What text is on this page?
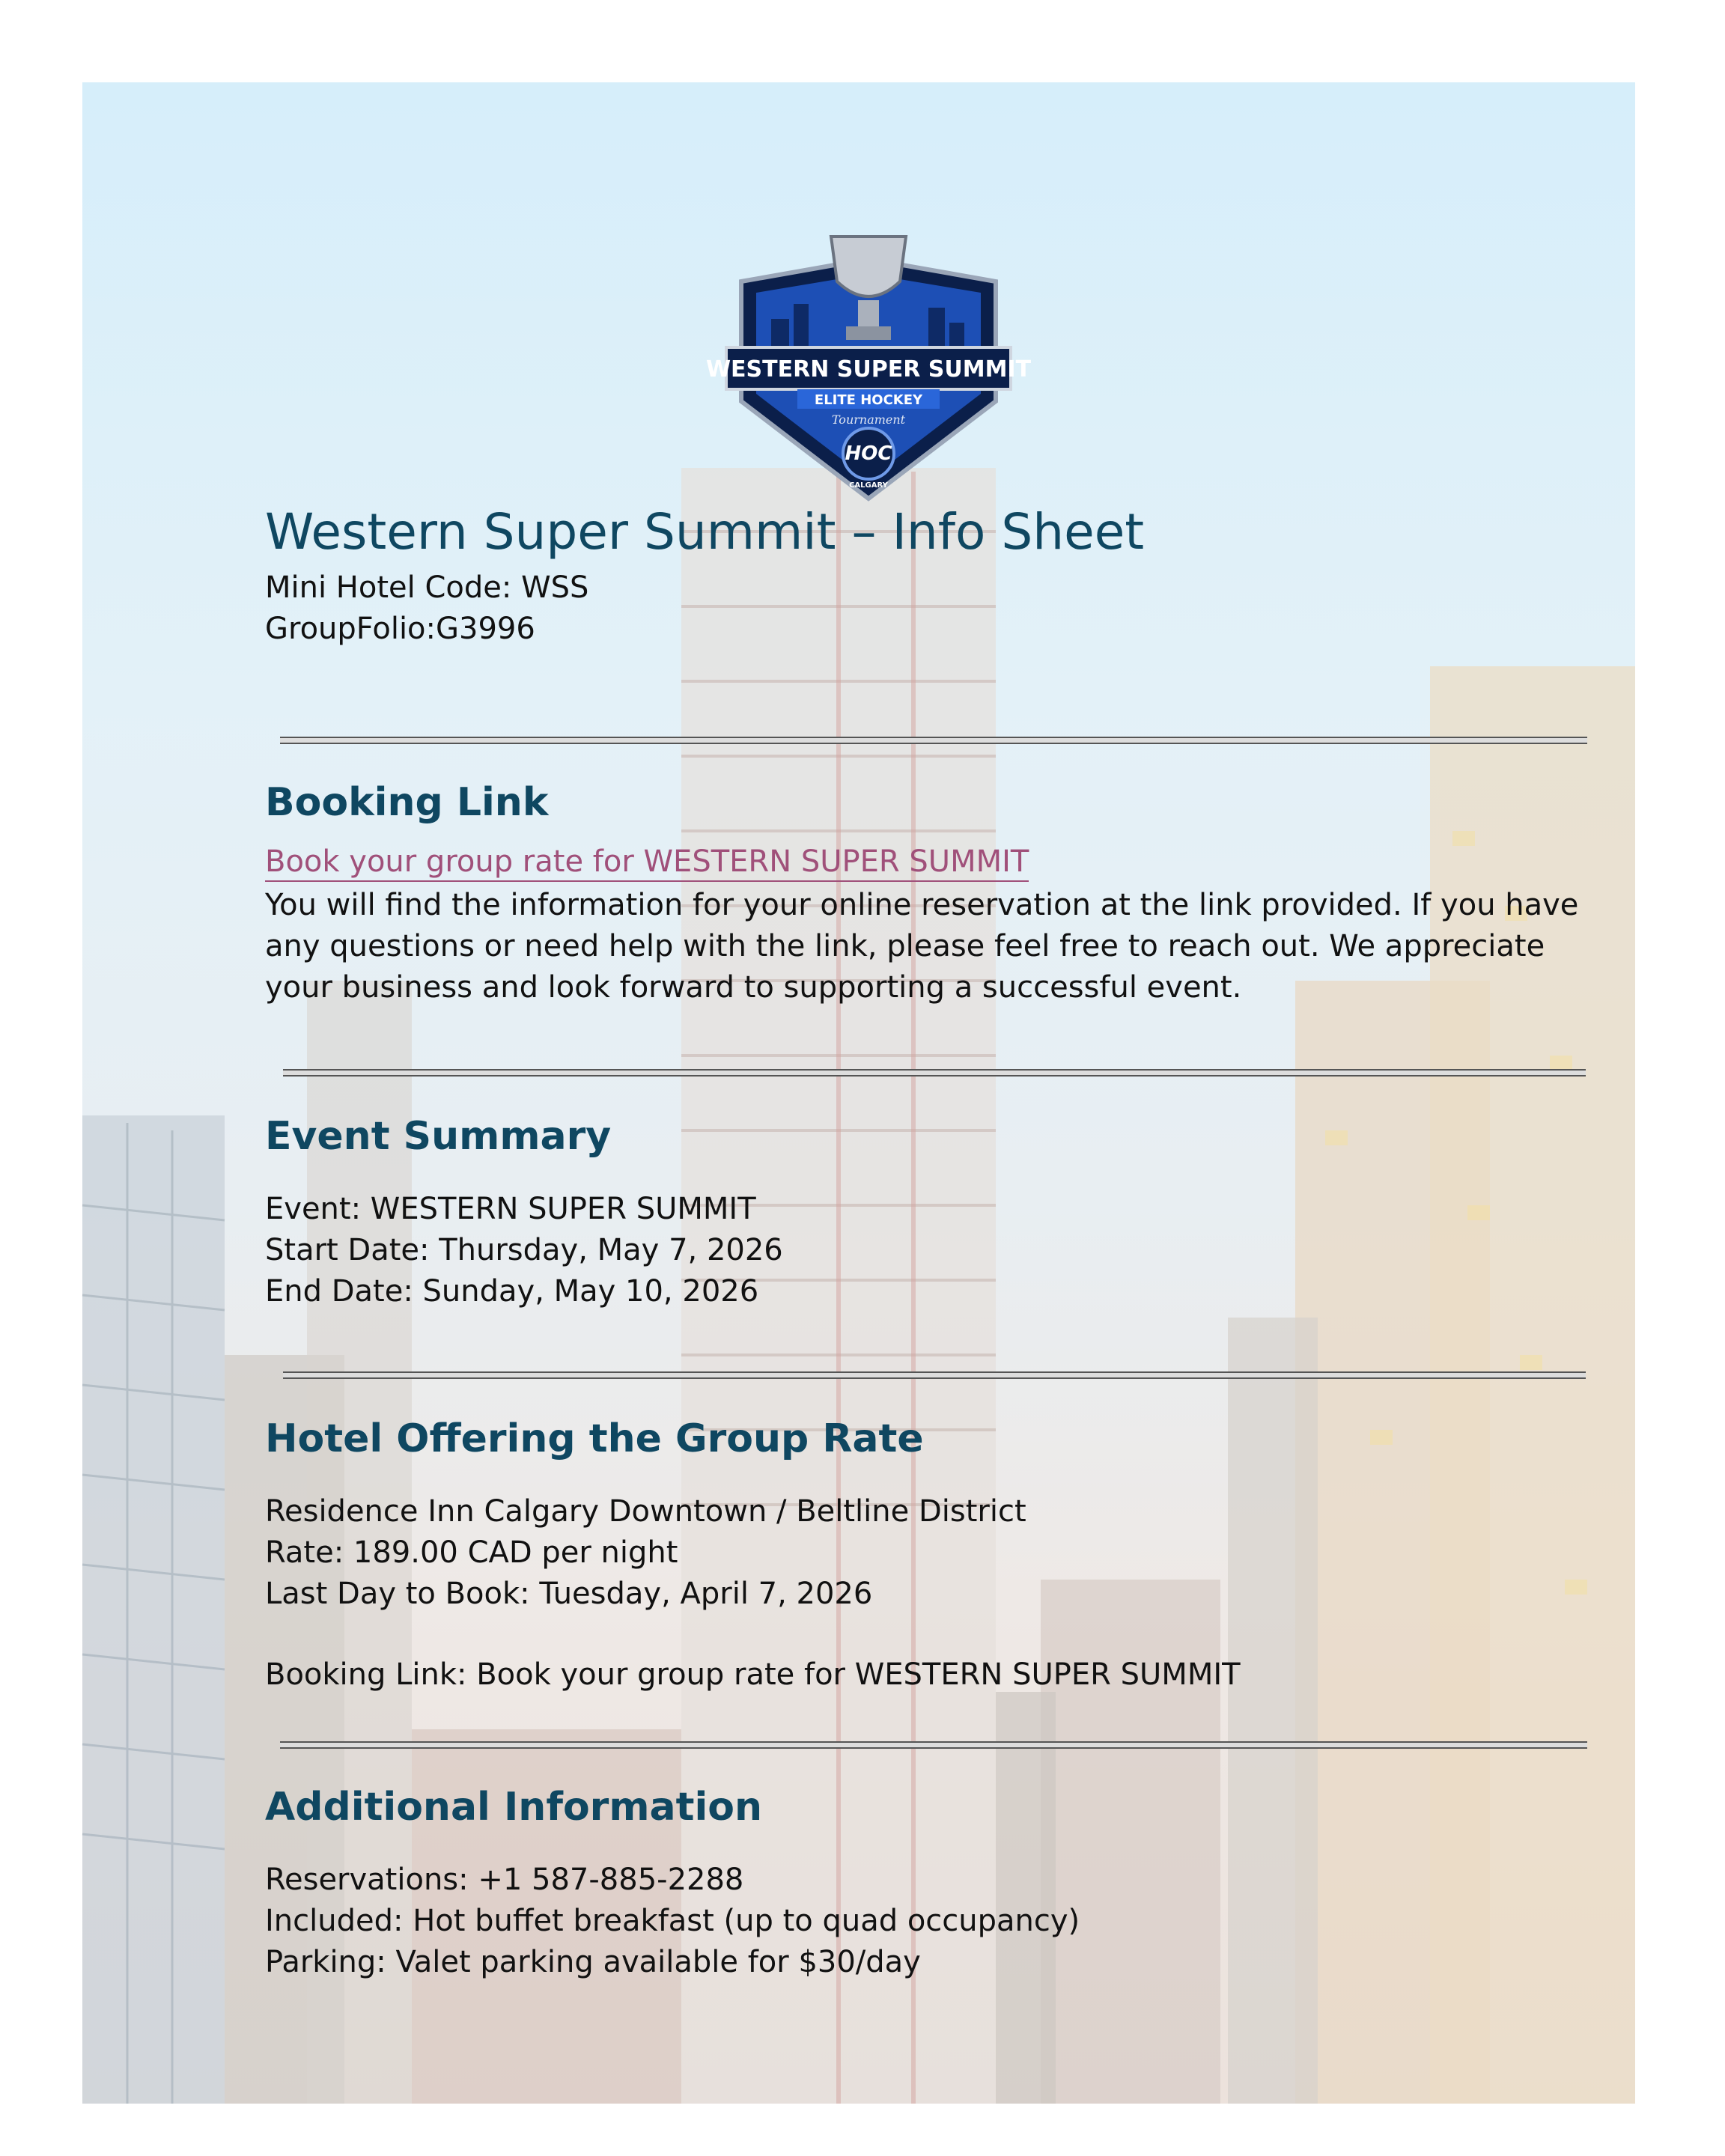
WESTERN SUPER SUMMIT
ELITE HOCKEY
Tournament
HOC
CALGARY
Western Super Summit – Info Sheet
Mini Hotel Code: WSS
GroupFolio:G3996
Booking Link
Book your group rate for WESTERN SUPER SUMMIT
You will find the information for your online reservation at the link provided. If you have any questions or need help with the link, please feel free to reach out. We appreciate your business and look forward to supporting a successful event.
Event Summary
Event: WESTERN SUPER SUMMIT
Start Date: Thursday, May 7, 2026
End Date: Sunday, May 10, 2026
Hotel Offering the Group Rate
Residence Inn Calgary Downtown / Beltline District
Rate: 189.00 CAD per night
Last Day to Book: Tuesday, April 7, 2026
Booking Link: Book your group rate for WESTERN SUPER SUMMIT
Additional Information
Reservations: +1 587-885-2288
Included: Hot buffet breakfast (up to quad occupancy)
Parking: Valet parking available for $30/day
